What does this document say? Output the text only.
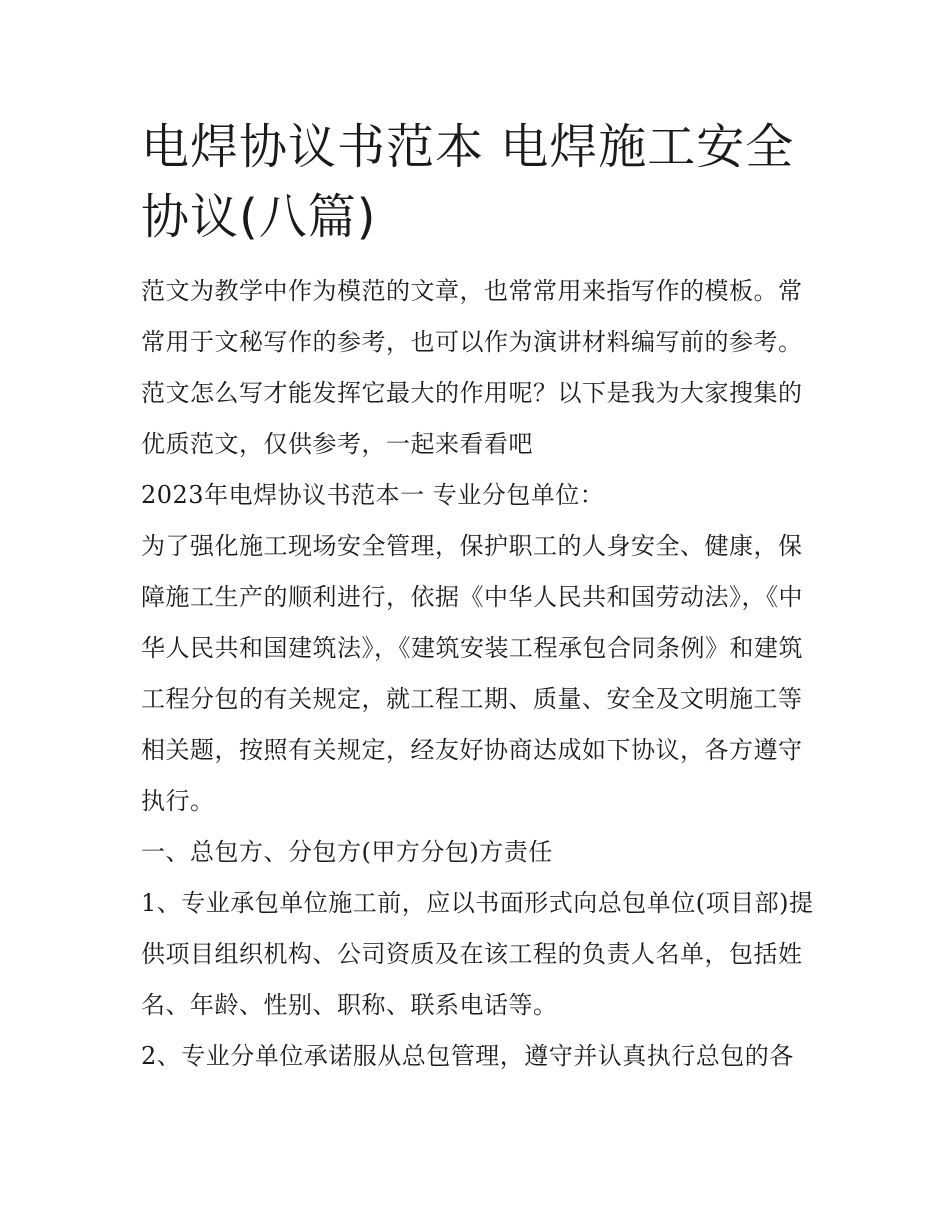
电焊协议书范本 电焊施工安全
协议(八篇)

范文为教学中作为模范的文章，也常常用来指写作的模板。常常用于文秘写作的参考，也可以作为演讲材料编写前的参考。范文怎么写才能发挥它最大的作用呢？以下是我为大家搜集的优质范文，仅供参考，一起来看看吧

2023年电焊协议书范本一 专业分包单位：

为了强化施工现场安全管理，保护职工的人身安全、健康，保障施工生产的顺利进行，依据《中华人民共和国劳动法》，《中华人民共和国建筑法》，《建筑安装工程承包合同条例》和建筑工程分包的有关规定，就工程工期、质量、安全及文明施工等相关题，按照有关规定，经友好协商达成如下协议，各方遵守执行。

一、总包方、分包方(甲方分包)方责任

1、专业承包单位施工前，应以书面形式向总包单位(项目部)提供项目组织机构、公司资质及在该工程的负责人名单，包括姓名、年龄、性别、职称、联系电话等。

2、专业分单位承诺服从总包管理，遵守并认真执行总包的各
